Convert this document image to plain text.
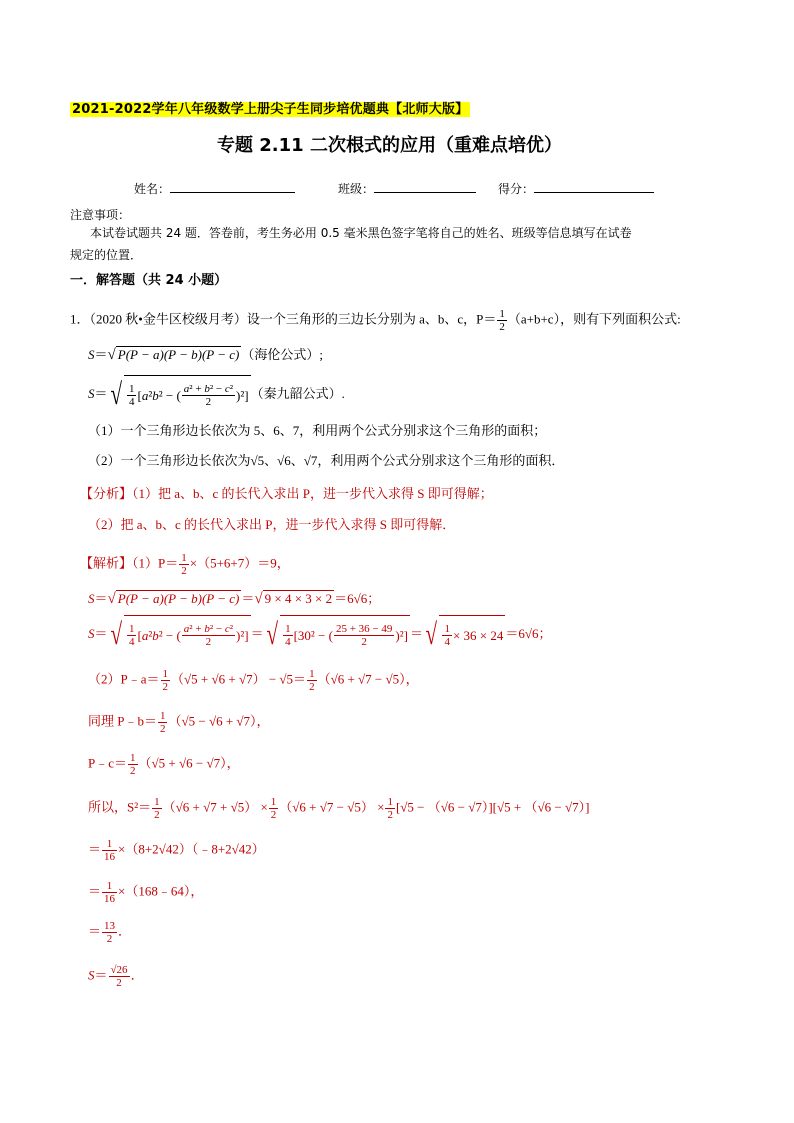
2021-2022学年八年级数学上册尖子生同步培优题典【北师大版】
专题 2.11 二次根式的应用（重难点培优）
姓名：	班级：	得分：
注意事项：
本试卷试题共 24 题．答卷前，考生务必用 0.5 毫米黑色签字笔将自己的姓名、班级等信息填写在试卷
规定的位置．
一．解答题（共 24 小题）
1．（2020 秋•金牛区校级月考）设一个三角形的三边长分别为 a、b、c，$P= \frac{1}{2} (a+b+c)$，则有下列面积公式:
S＝√ P(P − a)(P − b)(P − c) （海伦公式）;
S＝ √ $\frac{1}{4}$ [ a ² b ² − ( $\frac{\text{a² + b² − c²}}{2} )^2$] （秦九韶公式）.
（1）一个三角形边长依次为 5、6、7，利用两个公式分别求这个三角形的面积；
（2）一个三角形边长依次为√5、√6、√7，利用两个公式分别求这个三角形的面积．
【分析】（1）把 a、b、c 的长代入求出 P，进一步代入求得 S 即可得解；
（2）把 a、b、c 的长代入求出 P，进一步代入求得 S 即可得解．
【解析】$(1)P= \frac{1}{2} \times(5+6+7)=9$，
S＝√ P(P − a)(P − b)(P − c) ＝√ 9 × 4 × 3 × 2 ＝6√6；
S＝ √ $\frac{1}{4}$ [ a ² b ² − ( $\frac{\text{a² + b² − c²}}{2} )^2$] ＝ √ $\frac{1}{4} [30^2$ − ( $\frac{25 + 36 - 49}{2} )^2$] ＝ √ $\frac{1}{4} \times 36 \times 24 =6√6$；
（2）P﹣a＝ $\frac{1}{2} (√5 + √6 + √7) - √5= \frac{1}{2} (√6 + √7 - √5)$，
同理 P﹣b＝ $\frac{1}{2} (√5 - √6 + √7)$，
P﹣c＝ $\frac{1}{2} (√5 + √6 - √7)$，
所以，$S^2= \frac{1}{2} (√6 + √7 + √5) \times \frac{1}{2} (√6 + √7 - √5) \times \frac{1}{2} [√5 - (√6 - √7)][√5 + (√6 - √7)]$
＝ $\frac{1}{16}$ ×（8+2√42）（﹣8+2√42）
＝ $\frac{1}{16}$ ×（168﹣64），
＝ $\frac{13}{2}$ ．
$S= \frac{√26}{2}$ ．
